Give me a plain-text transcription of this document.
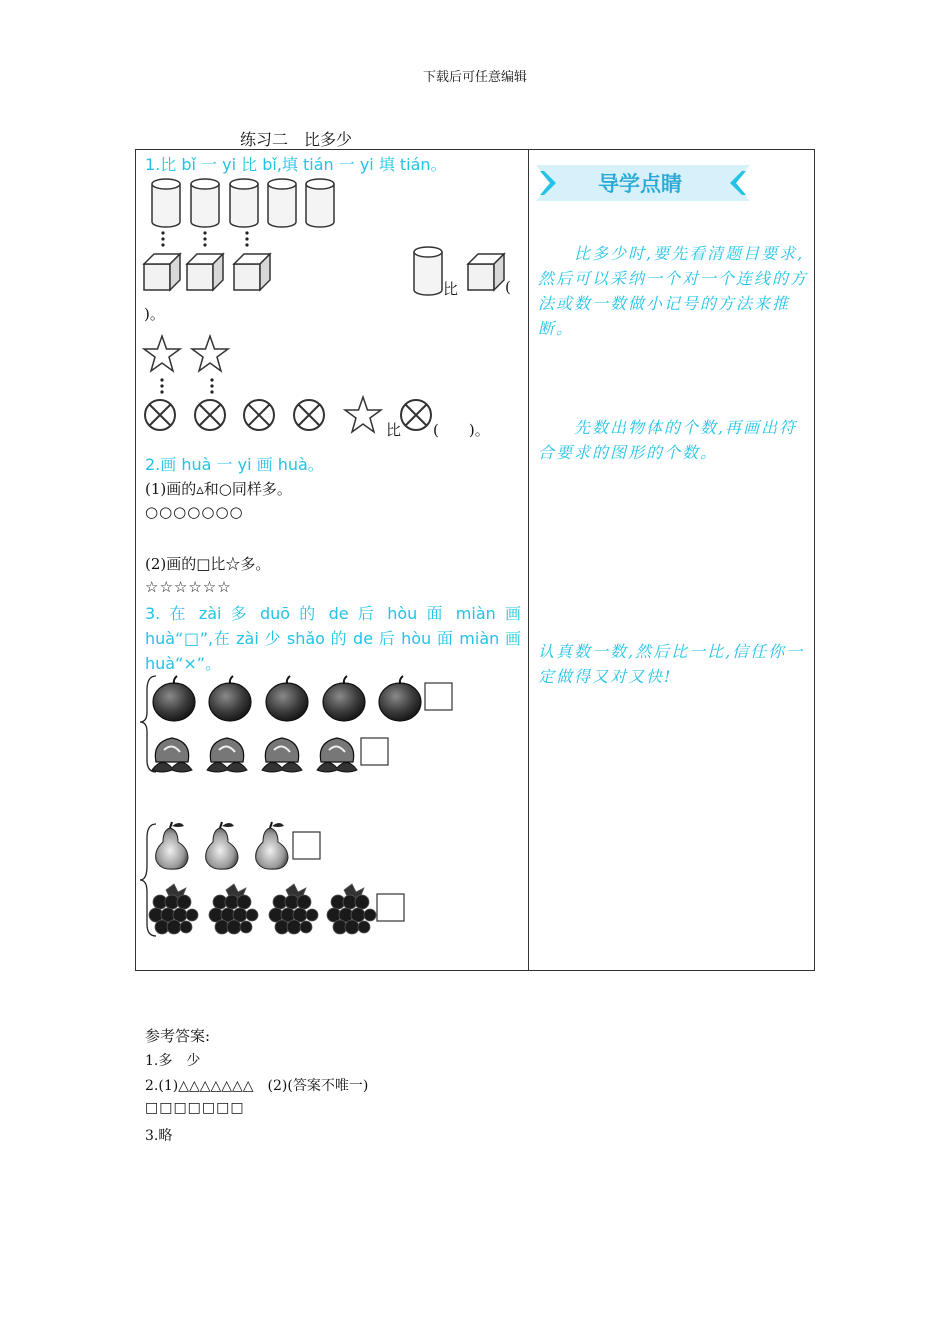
下载后可任意编辑
练习二　比多少
1.比 bǐ 一 yi 比 bǐ,填 tián 一 yi 填 tián。
比	(
)。
比 (　　)。
2.画 huà 一 yi 画 huà。
(1)画的▵和○同样多。
○○○○○○○
(2)画的□比☆多。
☆☆☆☆☆☆
3. 在 zài 多 duō 的 de 后 hòu 面 miàn 画
huà“□”,在 zài 少 shǎo 的 de 后 hòu 面 miàn 画
huà“×”。
导学点睛
比多少时,要先看清题目要求,然后可以采纳一个对一个连线的方法或数一数做小记号的方法来推断。
先数出物体的个数,再画出符合要求的图形的个数。
认真数一数,然后比一比,信任你一定做得又对又快!
参考答案:
1.多　少
2.(1)△△△△△△△　(2)(答案不唯一)
□□□□□□□
3.略
